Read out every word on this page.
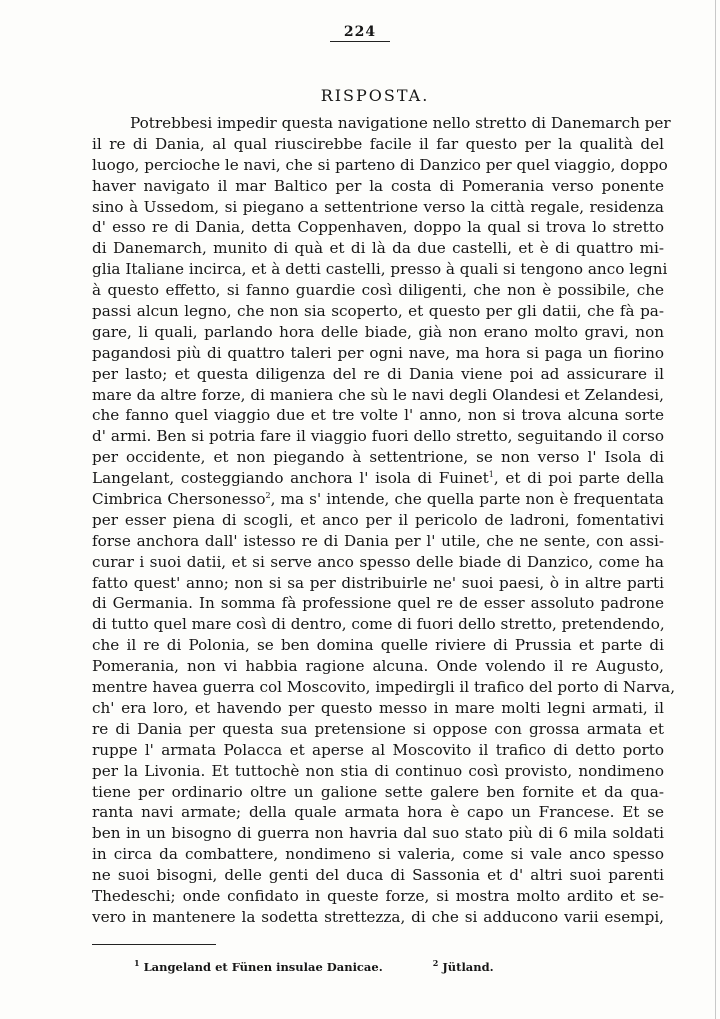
224
RISPOSTA.
Potrebbesi impedir questa navigatione nello stretto di Danemarch per
il re di Dania, al qual riuscirebbe facile il far questo per la qualità del
luogo, percioche le navi, che si parteno di Danzico per quel viaggio, doppo
haver navigato il mar Baltico per la costa di Pomerania verso ponente
sino à Ussedom, si piegano a settentrione verso la città regale, residenza
d' esso re di Dania, detta Coppenhaven, doppo la qual si trova lo stretto
di Danemarch, munito di quà et di là da due castelli, et è di quattro mi-
glia Italiane incirca, et à detti castelli, presso à quali si tengono anco legni
à questo effetto, si fanno guardie così diligenti, che non è possibile, che
passi alcun legno, che non sia scoperto, et questo per gli datii, che fà pa-
gare, li quali, parlando hora delle biade, già non erano molto gravi, non
pagandosi più di quattro taleri per ogni nave, ma hora si paga un fiorino
per lasto; et questa diligenza del re di Dania viene poi ad assicurare il
mare da altre forze, di maniera che sù le navi degli Olandesi et Zelandesi,
che fanno quel viaggio due et tre volte l' anno, non si trova alcuna sorte
d' armi. Ben si potria fare il viaggio fuori dello stretto, seguitando il corso
per occidente, et non piegando à settentrione, se non verso l' Isola di
Langelant, costeggiando anchora l' isola di Fuinet$^1$, et di poi parte della
Cimbrica Chersonesso$^2$, ma s' intende, che quella parte non è frequentata
per esser piena di scogli, et anco per il pericolo de ladroni, fomentativi
forse anchora dall' istesso re di Dania per l' utile, che ne sente, con assi-
curar i suoi datii, et si serve anco spesso delle biade di Danzico, come ha
fatto quest' anno; non si sa per distribuirle ne' suoi paesi, ò in altre parti
di Germania. In somma fà professione quel re de esser assoluto padrone
di tutto quel mare così di dentro, come di fuori dello stretto, pretendendo,
che il re di Polonia, se ben domina quelle riviere di Prussia et parte di
Pomerania, non vi habbia ragione alcuna. Onde volendo il re Augusto,
mentre havea guerra col Moscovito, impedirgli il trafico del porto di Narva,
ch' era loro, et havendo per questo messo in mare molti legni armati, il
re di Dania per questa sua pretensione si oppose con grossa armata et
ruppe l' armata Polacca et aperse al Moscovito il trafico di detto porto
per la Livonia. Et tuttochè non stia di continuo così provisto, nondimeno
tiene per ordinario oltre un galione sette galere ben fornite et da qua-
ranta navi armate; della quale armata hora è capo un Francese. Et se
ben in un bisogno di guerra non havria dal suo stato più di 6 mila soldati
in circa da combattere, nondimeno si valeria, come si vale anco spesso
ne suoi bisogni, delle genti del duca di Sassonia et d' altri suoi parenti
Thedeschi; onde confidato in queste forze, si mostra molto ardito et se-
vero in mantenere la sodetta strettezza, di che si adducono varii esempi,
$^1$ Langeland et Fünen insulae Danicae.	$^2$ Jütland.
